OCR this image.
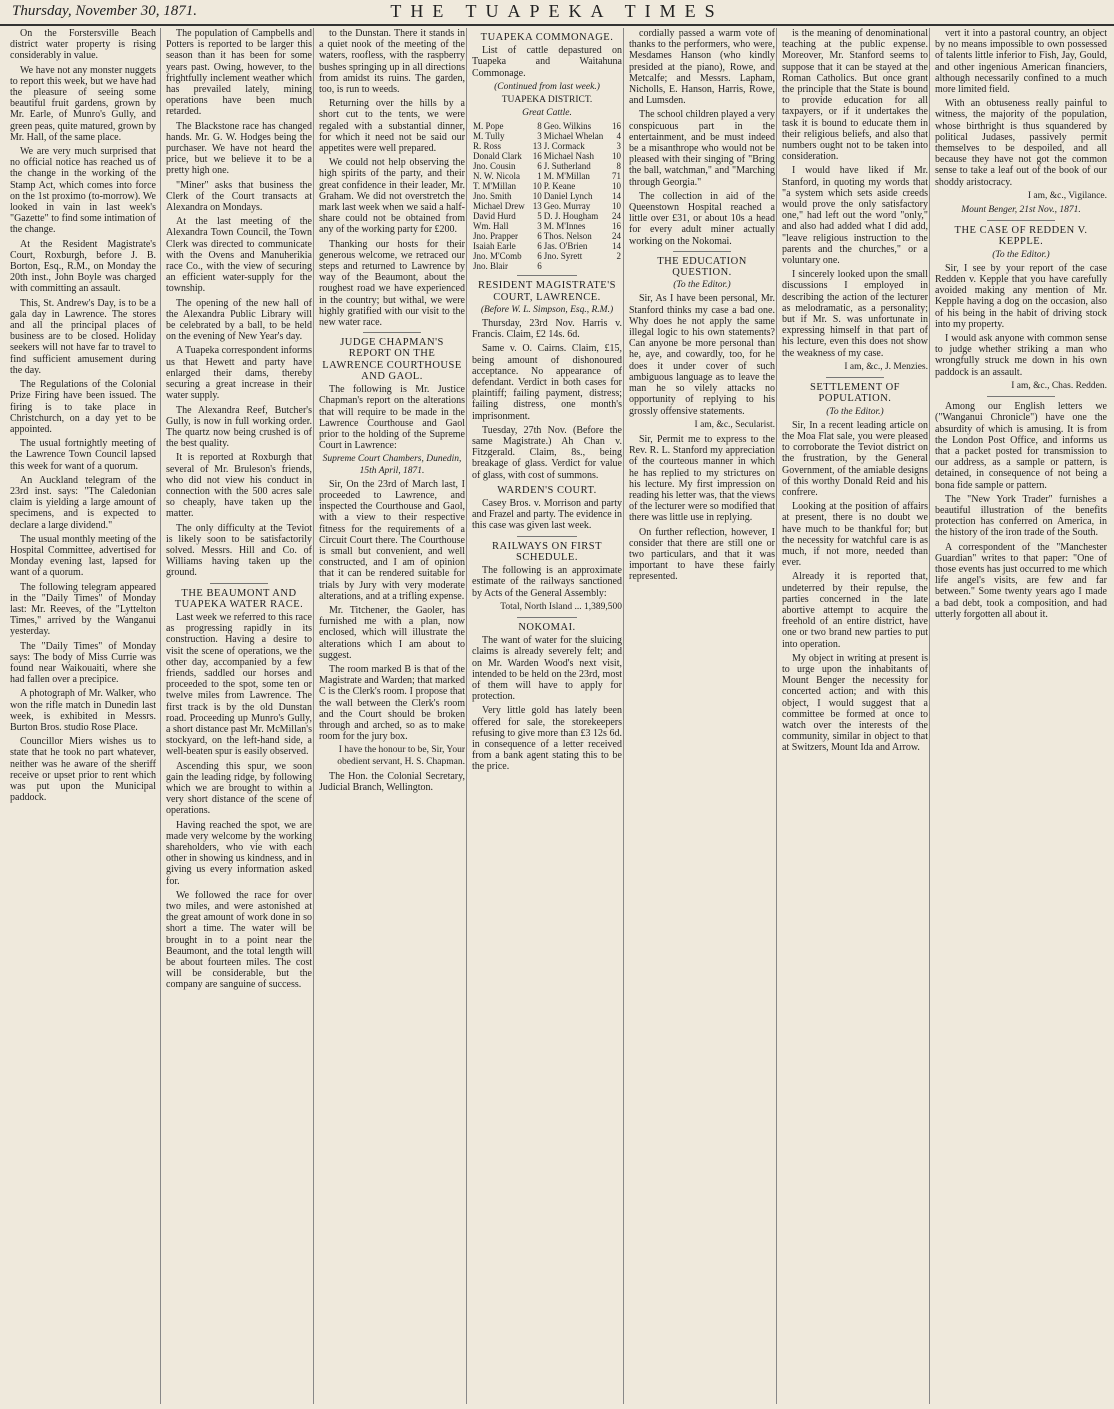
Thursday, November 30, 1871.	THE TUAPEKA TIMES

On the Forstersville Beach district water property is rising considerably in value.

We have not any monster nuggets to report this week, but we have had the pleasure of seeing some beautiful fruit gardens, grown by Mr. Earle, of Munro's Gully, and green peas, quite matured, grown by Mr. Hall, of the same place.

We are very much surprised that no official notice has reached us of the change in the working of the Stamp Act, which comes into force on the 1st proximo (to-morrow). We looked in vain in last week's "Gazette" to find some intimation of the change.

At the Resident Magistrate's Court, Roxburgh, before J. B. Borton, Esq., R.M., on Monday the 20th inst., John Boyle was charged with committing an assault.

This, St. Andrew's Day, is to be a gala day in Lawrence. The stores and all the principal places of business are to be closed. Holiday seekers will not have far to travel to find sufficient amusement during the day.

The Regulations of the Colonial Prize Firing have been issued. The firing is to take place in Christchurch, on a day yet to be appointed.

The usual fortnightly meeting of the Lawrence Town Council lapsed this week for want of a quorum.

An Auckland telegram of the 23rd inst. says: "The Caledonian claim is yielding a large amount of specimens, and is expected to declare a large dividend."

The usual monthly meeting of the Hospital Committee, advertised for Monday evening last, lapsed for want of a quorum.

The following telegram appeared in the "Daily Times" of Monday last: Mr. Reeves, of the "Lyttelton Times," arrived by the Wanganui yesterday.

The "Daily Times" of Monday says: The body of Miss Currie was found near Waikouaiti, where she had fallen over a precipice.

A photograph of Mr. Walker, who won the rifle match in Dunedin last week, is exhibited in Messrs. Burton Bros. studio Rose Place.

Councillor Miers wishes us to state that he took no part whatever, neither was he aware of the sheriff receive or upset prior to rent which was put upon the Municipal paddock.

The population of Campbells and Potters is reported to be larger this season than it has been for some years past. Owing, however, to the frightfully inclement weather which has prevailed lately, mining operations have been much retarded.

The Blackstone race has changed hands. Mr. G. W. Hodges being the purchaser. We have not heard the price, but we believe it to be a pretty high one.

"Miner" asks that business the Clerk of the Court transacts at Alexandra on Mondays.

At the last meeting of the Alexandra Town Council, the Town Clerk was directed to communicate with the Ovens and Manuherikia race Co., with the view of securing an efficient water-supply for the township.

The opening of the new hall of the Alexandra Public Library will be celebrated by a ball, to be held on the evening of New Year's day.

A Tuapeka correspondent informs us that Hewett and party have enlarged their dams, thereby securing a great increase in their water supply.

The Alexandra Reef, Butcher's Gully, is now in full working order. The quartz now being crushed is of the best quality.

It is reported at Roxburgh that several of Mr. Bruleson's friends, who did not view his conduct in connection with the 500 acres sale so cheaply, have taken up the matter.

The only difficulty at the Teviot is likely soon to be satisfactorily solved. Messrs. Hill and Co. of Williams having taken up the ground.

THE BEAUMONT AND TUAPEKA WATER RACE.

Last week we referred to this race as progressing rapidly in its construction. Having a desire to visit the scene of operations, we the other day, accompanied by a few friends, saddled our horses and proceeded to the spot, some ten or twelve miles from Lawrence. The first track is by the old Dunstan road. Proceeding up Munro's Gully, a short distance past Mr. McMillan's stockyard, on the left-hand side, a well-beaten spur is easily observed.

Ascending this spur, we soon gain the leading ridge, by following which we are brought to within a very short distance of the scene of operations.

Having reached the spot, we are made very welcome by the working shareholders, who vie with each other in showing us kindness, and in giving us every information asked for.

We followed the race for over two miles, and were astonished at the great amount of work done in so short a time. The water will be brought in to a point near the Beaumont, and the total length will be about fourteen miles. The cost will be considerable, but the company are sanguine of success.

to the Dunstan. There it stands in a quiet nook of the meeting of the waters, roofless, with the raspberry bushes springing up in all directions from amidst its ruins. The garden, too, is run to weeds.

Returning over the hills by a short cut to the tents, we were regaled with a substantial dinner, for which it need not be said our appetites were well prepared.

We could not help observing the high spirits of the party, and their great confidence in their leader, Mr. Graham. We did not overstretch the mark last week when we said a half-share could not be obtained from any of the working party for £200.

Thanking our hosts for their generous welcome, we retraced our steps and returned to Lawrence by way of the Beaumont, about the roughest road we have experienced in the country; but withal, we were highly gratified with our visit to the new water race.

JUDGE CHAPMAN'S REPORT ON THE LAWRENCE COURTHOUSE AND GAOL.

The following is Mr. Justice Chapman's report on the alterations that will require to be made in the Lawrence Courthouse and Gaol prior to the holding of the Supreme Court in Lawrence:

Supreme Court Chambers, Dunedin, 15th April, 1871.

Sir, On the 23rd of March last, I proceeded to Lawrence, and inspected the Courthouse and Gaol, with a view to their respective fitness for the requirements of a Circuit Court there. The Courthouse is small but convenient, and well constructed, and I am of opinion that it can be rendered suitable for trials by Jury with very moderate alterations, and at a trifling expense.

Mr. Titchener, the Gaoler, has furnished me with a plan, now enclosed, which will illustrate the alterations which I am about to suggest.

The room marked B is that of the Magistrate and Warden; that marked C is the Clerk's room. I propose that the wall between the Clerk's room and the Court should be broken through and arched, so as to make room for the jury box.

I have the honour to be, Sir, Your obedient servant, H. S. Chapman.

The Hon. the Colonial Secretary, Judicial Branch, Wellington.

TUAPEKA COMMONAGE.

List of cattle depastured on Tuapeka and Waitahuna Commonage.

(Continued from last week.)
TUAPEKA DISTRICT.
Great Cattle.
M. Pope	8	Geo. Wilkins	16
M. Tully	3	Michael Whelan	4
R. Ross	13	J. Cormack	3
Donald Clark	16	Michael Nash	10
Jno. Cousin	6	J. Sutherland	8
N. W. Nicola	1	M. M'Millan	71
T. M'Millan	10	P. Keane	10
Jno. Smith	10	Daniel Lynch	14
Michael Drew	13	Geo. Murray	10
David Hurd	5	D. J. Hougham	24
Wm. Hall	3	M. M'Innes	16
Jno. Prapper	6	Thos. Nelson	24
Isaiah Earle	6	Jas. O'Brien	14
Jno. M'Comb	6	Jno. Syrett	2
Jno. Blair	6		
RESIDENT MAGISTRATE'S COURT, LAWRENCE.
(Before W. L. Simpson, Esq., R.M.)

Thursday, 23rd Nov. Harris v. Francis. Claim, £2 14s. 6d.

Same v. O. Cairns. Claim, £15, being amount of dishonoured acceptance. No appearance of defendant. Verdict in both cases for plaintiff; failing payment, distress; failing distress, one month's imprisonment.

Tuesday, 27th Nov. (Before the same Magistrate.) Ah Chan v. Fitzgerald. Claim, 8s., being breakage of glass. Verdict for value of glass, with cost of summons.

WARDEN'S COURT.

Casey Bros. v. Morrison and party and Frazel and party. The evidence in this case was given last week.

RAILWAYS ON FIRST SCHEDULE.

The following is an approximate estimate of the railways sanctioned by Acts of the General Assembly:

Total, North Island ... 1,389,500
NOKOMAI.

The want of water for the sluicing claims is already severely felt; and on Mr. Warden Wood's next visit, intended to be held on the 23rd, most of them will have to apply for protection.

Very little gold has lately been offered for sale, the storekeepers refusing to give more than £3 12s 6d. in consequence of a letter received from a bank agent stating this to be the price.

cordially passed a warm vote of thanks to the performers, who were, Mesdames Hanson (who kindly presided at the piano), Rowe, and Metcalfe; and Messrs. Lapham, Nicholls, E. Hanson, Harris, Rowe, and Lumsden.

The school children played a very conspicuous part in the entertainment, and be must indeed be a misanthrope who would not be pleased with their singing of "Bring the ball, watchman," and "Marching through Georgia."

The collection in aid of the Queenstown Hospital reached a little over £31, or about 10s a head for every adult miner actually working on the Nokomai.

THE EDUCATION QUESTION.
(To the Editor.)

Sir, As I have been personal, Mr. Stanford thinks my case a bad one. Why does he not apply the same illegal logic to his own statements? Can anyone be more personal than he, aye, and cowardly, too, for he does it under cover of such ambiguous language as to leave the man he so vilely attacks no opportunity of replying to his grossly offensive statements.

I am, &c., Secularist.

Sir, Permit me to express to the Rev. R. L. Stanford my appreciation of the courteous manner in which he has replied to my strictures on his lecture. My first impression on reading his letter was, that the views of the lecturer were so modified that there was little use in replying.

On further reflection, however, I consider that there are still one or two particulars, and that it was important to have these fairly represented.

is the meaning of denominational teaching at the public expense. Moreover, Mr. Stanford seems to suppose that it can be stayed at the Roman Catholics. But once grant the principle that the State is bound to provide education for all taxpayers, or if it undertakes the task it is bound to educate them in their religious beliefs, and also that numbers ought not to be taken into consideration.

I would have liked if Mr. Stanford, in quoting my words that "a system which sets aside creeds would prove the only satisfactory one," had left out the word "only," and also had added what I did add, "leave religious instruction to the parents and the churches," or a voluntary one.

I sincerely looked upon the small discussions I employed in describing the action of the lecturer as melodramatic, as a personality; but if Mr. S. was unfortunate in expressing himself in that part of his lecture, even this does not show the weakness of my case.

I am, &c., J. Menzies.
SETTLEMENT OF POPULATION.
(To the Editor.)

Sir, In a recent leading article on the Moa Flat sale, you were pleased to corroborate the Teviot district on the frustration, by the General Government, of the amiable designs of this worthy Donald Reid and his confrere.

Looking at the position of affairs at present, there is no doubt we have much to be thankful for; but the necessity for watchful care is as much, if not more, needed than ever.

Already it is reported that, undeterred by their repulse, the parties concerned in the late abortive attempt to acquire the freehold of an entire district, have one or two brand new parties to put into operation.

My object in writing at present is to urge upon the inhabitants of Mount Benger the necessity for concerted action; and with this object, I would suggest that a committee be formed at once to watch over the interests of the community, similar in object to that at Switzers, Mount Ida and Arrow.

vert it into a pastoral country, an object by no means impossible to own possessed of talents little inferior to Fish, Jay, Gould, and other ingenious American financiers, although necessarily confined to a much more limited field.

With an obtuseness really painful to witness, the majority of the population, whose birthright is thus squandered by political Judases, passively permit themselves to be despoiled, and all because they have not got the common sense to take a leaf out of the book of our shoddy aristocracy.

I am, &c., Vigilance.
Mount Benger, 21st Nov., 1871.
THE CASE OF REDDEN V. KEPPLE.
(To the Editor.)

Sir, I see by your report of the case Redden v. Kepple that you have carefully avoided making any mention of Mr. Kepple having a dog on the occasion, also of his being in the habit of driving stock into my property.

I would ask anyone with common sense to judge whether striking a man who wrongfully struck me down in his own paddock is an assault.

I am, &c., Chas. Redden.

Among our English letters we ("Wanganui Chronicle") have one the absurdity of which is amusing. It is from the London Post Office, and informs us that a packet posted for transmission to our address, as a sample or pattern, is detained, in consequence of not being a bona fide sample or pattern.

The "New York Trader" furnishes a beautiful illustration of the benefits protection has conferred on America, in the history of the iron trade of the South.

A correspondent of the "Manchester Guardian" writes to that paper: "One of those events has just occurred to me which life angel's visits, are few and far between." Some twenty years ago I made a bad debt, took a composition, and had utterly forgotten all about it.
